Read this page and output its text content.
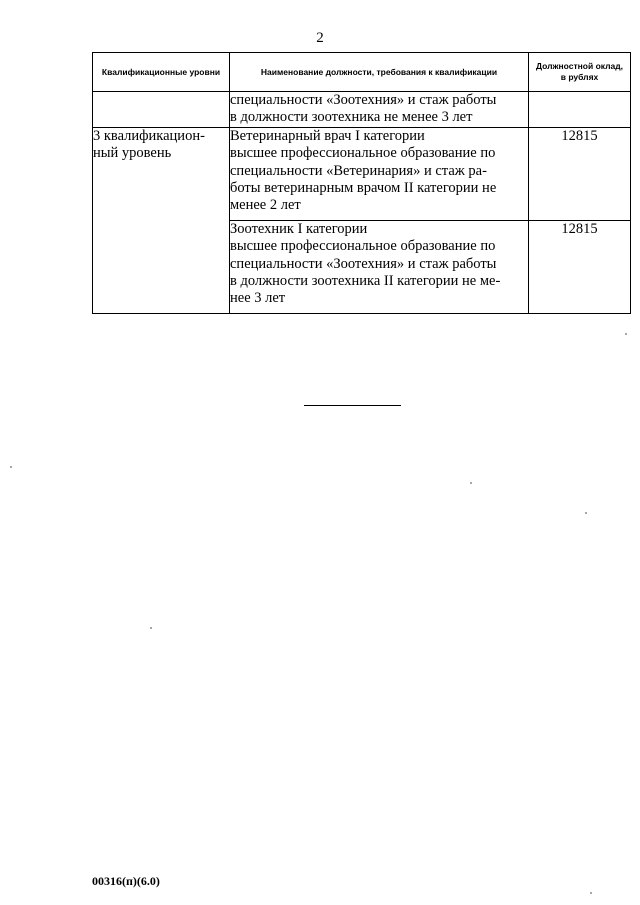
2
Квалификационные уровни	Наименование должности, требования к квалификации	Должностной оклад, в рублях

	специальности «Зоотехния» и стаж работы
в должности зоотехника не менее 3 лет	

3 квалификацион-ный уровень	Ветеринарный врач I категории
высшее профессиональное образование по
специальности «Ветеринария» и стаж ра-
боты ветеринарным врачом II категории не
менее 2 лет	12815

	Зоотехник I категории
высшее профессиональное образование по
специальности «Зоотехния» и стаж работы
в должности зоотехника II категории не ме-
нее 3 лет	12815
00316(п)(6.0)
